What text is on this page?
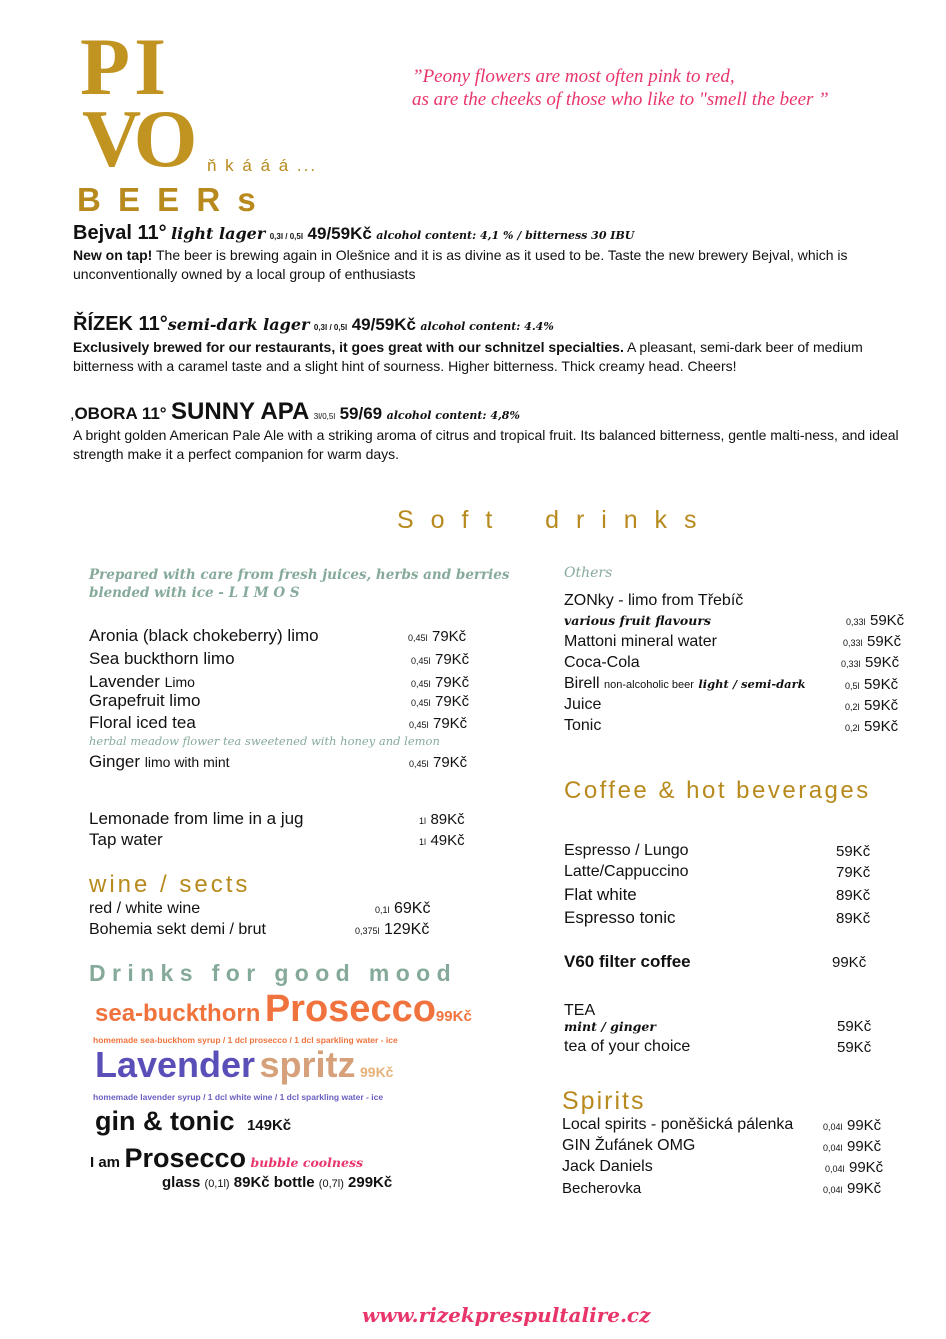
PI
VO ň k á á á ...
”Peony flowers are most often pink to red,
as are the cheeks of those who like to "smell the beer ”
B E E R s
Bejval 11° light lager 0,3l / 0,5l 49/59Kč alcohol content: 4,1 % / bitterness 30 IBU
New on tap! The beer is brewing again in Olešnice and it is as divine as it used to be. Taste the new brewery Bejval, which is unconventionally owned by a local group of enthusiasts
ŘÍZEK 11°semi-dark lager 0,3l / 0,5l 49/59Kč alcohol content: 4.4%
Exclusively brewed for our restaurants, it goes great with our schnitzel specialties. A pleasant, semi-dark beer of medium bitterness with a caramel taste and a slight hint of sourness. Higher bitterness. Thick creamy head. Cheers!
,OBORA 11° SUNNY APA 3l/0,5l 59/69 alcohol content: 4,8%
A bright golden American Pale Ale with a striking aroma of citrus and tropical fruit. Its balanced bitterness, gentle malti-ness, and ideal strength make it a perfect companion for warm days.
S o f t    d r i n k s
Prepared with care from fresh juices, herbs and berries blended with ice - L I M O S
Aronia (black chokeberry) limo	0,45l 79Kč
Sea buckthorn limo	0,45l 79Kč
Lavender Limo	0,45l 79Kč
Grapefruit limo	0,45l 79Kč
Floral iced tea	0,45l 79Kč
herbal meadow flower tea sweetened with honey and lemon
Ginger limo with mint	0,45l 79Kč
Lemonade from lime in a jug	1l 89Kč
Tap water	1l 49Kč
Others
ZONky - limo from Třebíč
various fruit flavours	0,33l 59Kč
Mattoni mineral water	0,33l 59Kč
Coca-Cola	0,33l 59Kč
Birell non-alcoholic beer light / semi-dark	0,5l 59Kč
Juice	0,2l 59Kč
Tonic	0,2l 59Kč
wine / sects
red / white wine	0,1l 69Kč
Bohemia sekt demi / brut	0,375l 129Kč
D r i n k s   f o r   g o o d   m o o d
sea-buckthorn Prosecco99Kč
homemade sea-buckhom syrup / 1 dcl prosecco / 1 dcl sparkling water - ice
Lavender spritz 99Kč
homemade lavender syrup / 1 dcl white wine / 1 dcl sparkling water - ice
gin & tonic 149Kč
I am Prosecco bubble coolness
glass (0,1l) 89Kč bottle (0,7l) 299Kč
Coffee & hot beverages
Espresso / Lungo	59Kč
Latte/Cappuccino	79Kč
Flat white	89Kč
Espresso tonic	89Kč
V60 filter coffee	99Kč
TEA
mint / ginger	59Kč
tea of your choice	59Kč
Spirits
Local spirits - poněšická pálenka	0,04l 99Kč
GIN Žufánek OMG	0,04l 99Kč
Jack Daniels	0,04l 99Kč
Becherovka	0,04l 99Kč
www.rizekprespultalire.cz
